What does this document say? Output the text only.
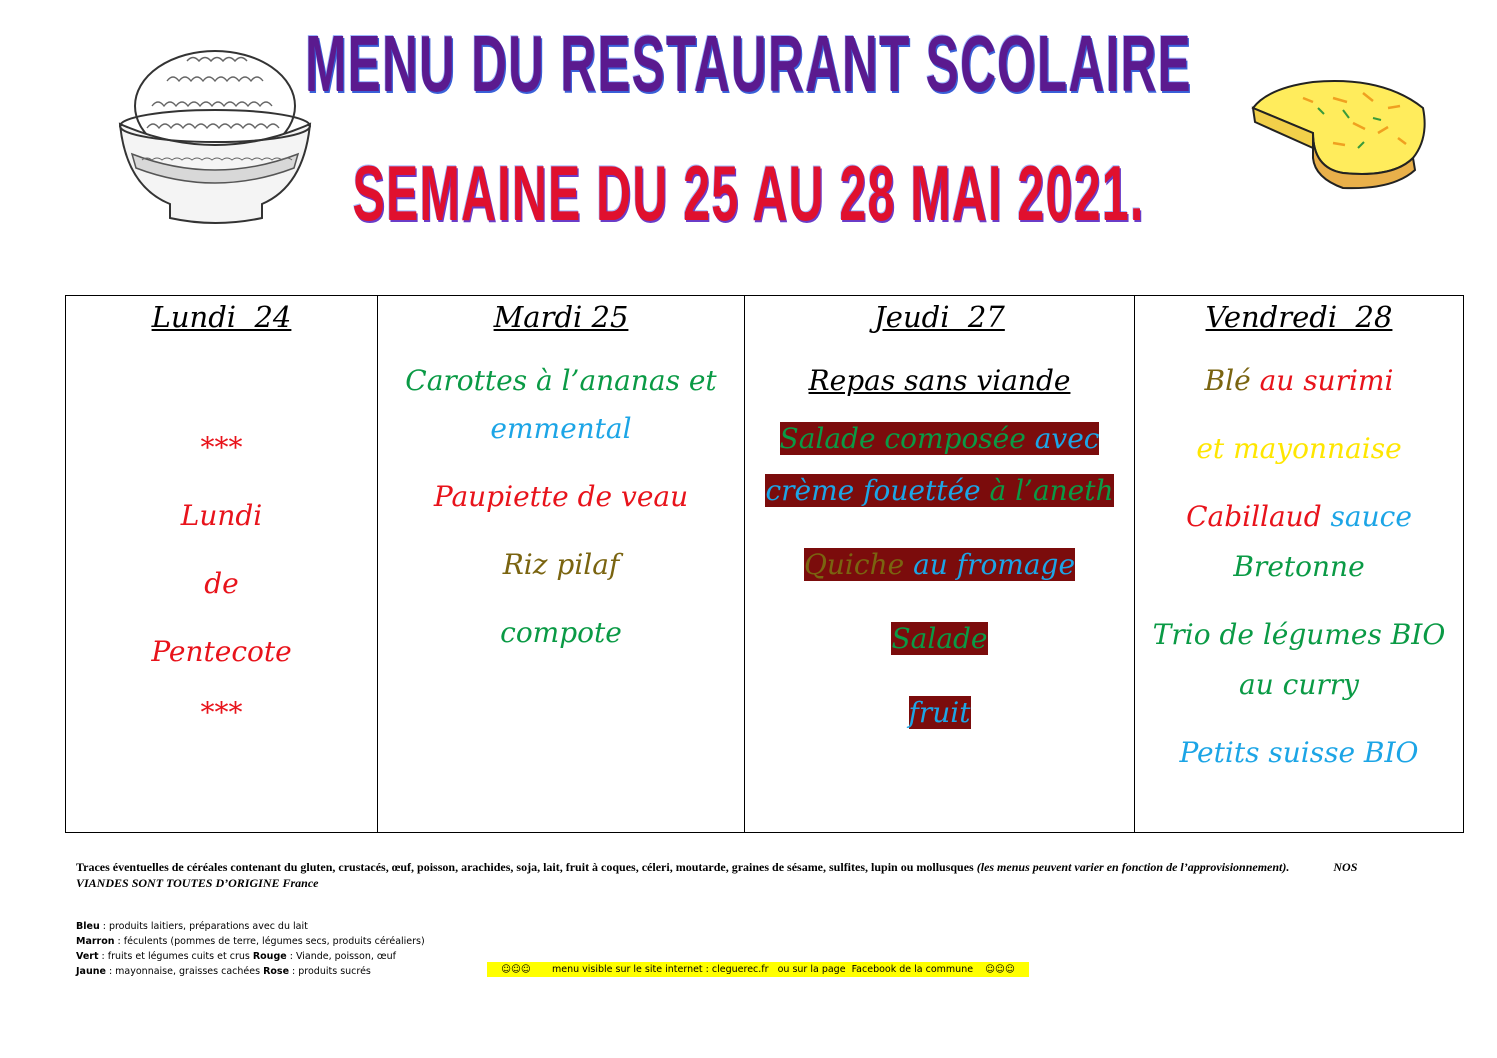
MENU DU RESTAURANT SCOLAIRE
SEMAINE DU 25 AU 28 MAI 2021.
Lundi  24
***
Lundi
de
Pentecote
***

Mardi 25
Carottes à l’ananas et
emmental
Paupiette de veau
Riz pilaf
compote

Jeudi  27
Repas sans viande
Salade composée avec
crème fouettée à l’aneth
Quiche au fromage
Salade
fruit

Vendredi  28
Blé au surimi
et mayonnaise
Cabillaud sauce
Bretonne
Trio de légumes BIO
au curry
Petits suisse BIO
Traces éventuelles de céréales contenant du gluten, crustacés, œuf, poisson, arachides, soja, lait, fruit à coques, céleri, moutarde, graines de sésame, sulfites, lupin ou mollusques (les menus peuvent varier en fonction de l’approvisionnement).	NOS VIANDES SONT TOUTES D’ORIGINE France
Bleu : produits laitiers, préparations avec du lait
Marron : féculents (pommes de terre, légumes secs, produits céréaliers)
Vert : fruits et légumes cuits et crus Rouge : Viande, poisson, œuf
Jaune : mayonnaise, graisses cachées Rose : produits sucrés	☺☺☺       menu visible sur le site internet : cleguerec.fr   ou sur la page  Facebook de la commune    ☺☺☺
